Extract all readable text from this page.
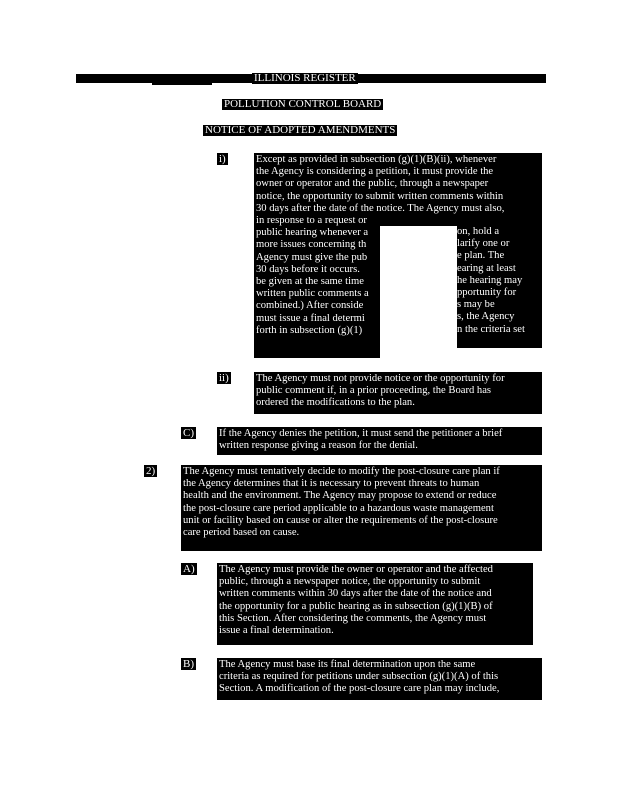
ILLINOIS REGISTER
POLLUTION CONTROL BOARD
NOTICE OF ADOPTED AMENDMENTS
i)	Except as provided in subsection (g)(1)(B)(ii), whenever
the Agency is considering a petition, it must provide the
owner or operator and the public, through a newspaper
notice, the opportunity to submit written comments within
30 days after the date of the notice. The Agency must also,
in response to a request or
public hearing whenever a
more issues concerning th
Agency must give the pub
30 days before it occurs.
be given at the same time
written public comments a
combined.) After conside
must issue a final determi
forth in subsection (g)(1)
on, hold a
larify one or
e plan. The
earing at least
he hearing may
pportunity for
s may be
s, the Agency
n the criteria set
ii)	The Agency must not provide notice or the opportunity for
public comment if, in a prior proceeding, the Board has
ordered the modifications to the plan.
C) If the Agency denies the petition, it must send the petitioner a brief
written response giving a reason for the denial.
2)	The Agency must tentatively decide to modify the post-closure care plan if
the Agency determines that it is necessary to prevent threats to human
health and the environment. The Agency may propose to extend or reduce
the post-closure care period applicable to a hazardous waste management
unit or facility based on cause or alter the requirements of the post-closure
care period based on cause.
A) The Agency must provide the owner or operator and the affected
public, through a newspaper notice, the opportunity to submit
written comments within 30 days after the date of the notice and
the opportunity for a public hearing as in subsection (g)(1)(B) of
this Section. After considering the comments, the Agency must
issue a final determination.
B) The Agency must base its final determination upon the same
criteria as required for petitions under subsection (g)(1)(A) of this
Section. A modification of the post-closure care plan may include,
